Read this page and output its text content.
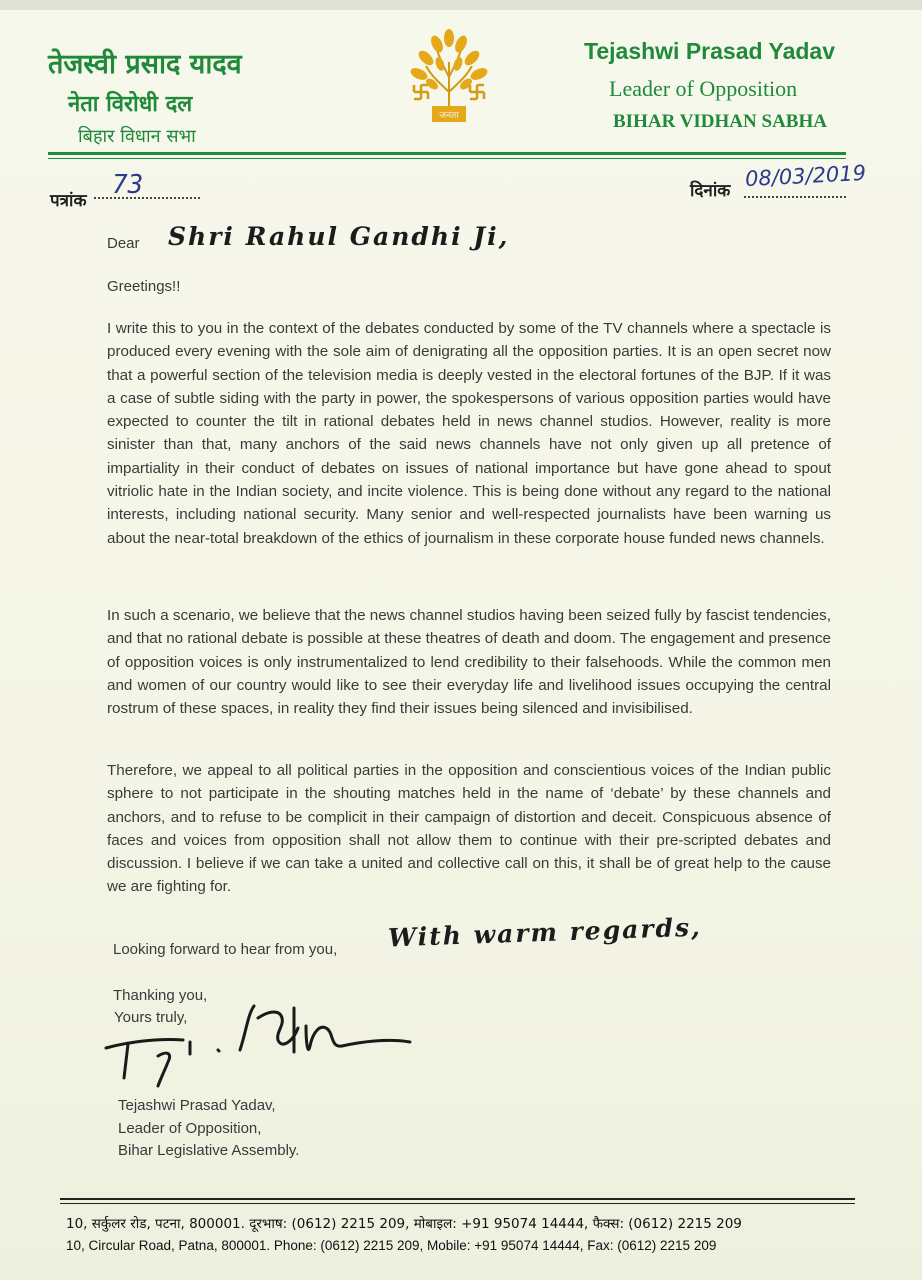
तेजस्वी प्रसाद यादव
नेता विरोधी दल
बिहार विधान सभा
जनता
Tejashwi Prasad Yadav
Leader of Opposition
BIHAR VIDHAN SABHA
पत्रांक
73	दिनांक 08/03/2019
Dear Shri Rahul Gandhi Ji,
Greetings!!

I write this to you in the context of the debates conducted by some of the TV channels where a spectacle is produced every evening with the sole aim of denigrating all the opposition parties. It is an open secret now that a powerful section of the television media is deeply vested in the electoral fortunes of the BJP. If it was a case of subtle siding with the party in power, the spokespersons of various opposition parties would have expected to counter the tilt in rational debates held in news channel studios. However, reality is more sinister than that, many anchors of the said news channels have not only given up all pretence of impartiality in their conduct of debates on issues of national importance but have gone ahead to spout vitriolic hate in the Indian society, and incite violence. This is being done without any regard to the national interests, including national security. Many senior and well-respected journalists have been warning us about the near-total breakdown of the ethics of journalism in these corporate house funded news channels.

In such a scenario, we believe that the news channel studios having been seized fully by fascist tendencies, and that no rational debate is possible at these theatres of death and doom. The engagement and presence of opposition voices is only instrumentalized to lend credibility to their falsehoods. While the common men and women of our country would like to see their everyday life and livelihood issues occupying the central rostrum of these spaces, in reality they find their issues being silenced and invisibilised.

Therefore, we appeal to all political parties in the opposition and conscientious voices of the Indian public sphere to not participate in the shouting matches held in the name of ‘debate’ by these channels and anchors, and to refuse to be complicit in their campaign of distortion and deceit. Conspicuous absence of faces and voices from opposition shall not allow them to continue with their pre-scripted debates and discussion. I believe if we can take a united and collective call on this, it shall be of great help to the cause we are fighting for.

Looking forward to hear from you, With warm regards,
Thanking you,
Yours truly,
Tejashwi Prasad Yadav,
Leader of Opposition,
Bihar Legislative Assembly.
10, सर्कुलर रोड, पटना, 800001. दूरभाष: (0612) 2215 209, मोबाइल: +91 95074 14444, फैक्स: (0612) 2215 209
10, Circular Road, Patna, 800001. Phone: (0612) 2215 209, Mobile: +91 95074 14444, Fax: (0612) 2215 209
